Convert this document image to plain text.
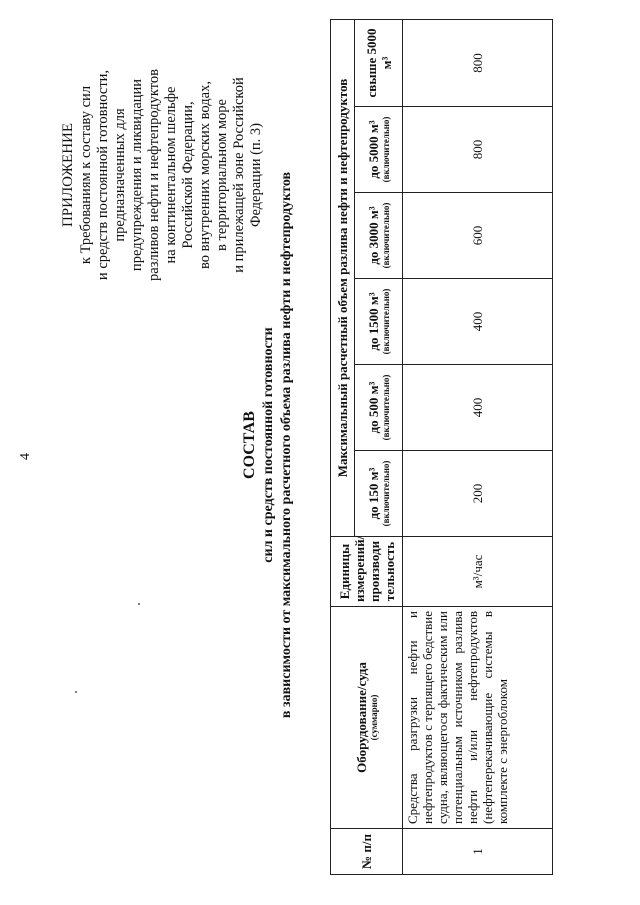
4
ПРИЛОЖЕНИЕ к Требованиям к составу сил и средств постоянной готовности, предназначенных для предупреждения и ликвидации разливов нефти и нефтепродуктов на континентальном шельфе Российской Федерации, во внутренних морских водах, в территориальном море и прилежащей зоне Российской Федерации (п. 3)
СОСТАВ сил и средств постоянной готовности в зависимости от максимального расчетного объема разлива нефти и нефтепродуктов
№ п/п	Оборудование/суда (суммарно)	Единицы измерений/ производи тельность	Максимальный расчетный объем разлива нефти и нефтепродуктов					
			до 150 м³ (включительно)	до 500 м³ (включительно)	до 1500 м³ (включительно)	до 3000 м³ (включительно)	до 5000 м³ (включительно)	свыше 5000 м³

1	Средства разгрузки нефти и нефтепродуктов с терпящего бедствие судна, являющегося фактическим или потенциальным источником разлива нефти и/или нефтепродуктов (нефтеперекачивающие системы в комплекте с энергоблоком	м³/час	200	400	400	600	800	800
